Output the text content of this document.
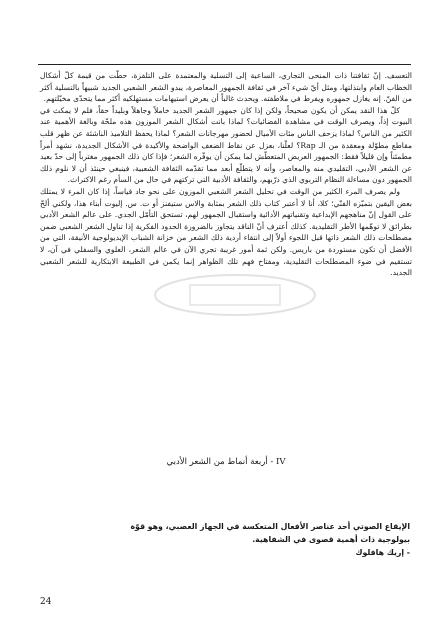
التعسف. إنّ ثقافتنا ذات المنحى التجاري، الساعية إلى التسلية والمعتمدة على التلفزة، حطّت من قيمة كلّ أشكال الخطاب العام وابتذلتها، ومثل أيّ شيء آخر في ثقافة الجمهور المعاصرة، يبدو الشعر الشعبي الجديد شبيهاً بالتسلية أكثر من الفنّ. إنه يغازل جمهوره ويفرط في ملاطفته. ويحدث غالباً أن يعرض استيهامات مستهلكيه أكثر مما يتحدّى مخيّلتهم.

كلّ هذا النقد يمكن أن يكون صحيحاً، ولكن إذا كان جمهور الشعر الجديد خاملاً وجاهلاً وبليداً حقاً، فلم لا يمكث في البيوت إذاً، ويصرف الوقت في مشاهدة الفضائيات؟ لماذا بانت أشكال الشعر الموزون هذه ملحّة وبالغة الأهمية عند الكثير من الناس؟ لماذا يزحف الناس مئات الأميال لحضور مهرجانات الشعر؟ لماذا يحفظ التلاميذ الناشئة عن ظهر قلب مقاطع مطوّلة ومعقدة من الـ Rap؟ لعلّنا، بعزل عن نقاط الضعف الواضحة والأكيدة في الأشكال الجديدة، نشهد أمراً مطمئناً وإن قليلاً فقط: الجمهور العريض المتعطّش لما يمكن أن يوفّره الشعر؛ فإذا كان ذلك الجمهور مغترباً إلى حدّ بعيد عن الشعر الأدبي، التقليدي منه والمعاصر، وأنه لا يتطلّع أبعد مما تقدّمه الثقافة الشعبية، فينبغي حينئذ أن لا نلوم ذلك الجمهور دون مساءلة النظام التربوي الذي درّبهم، والثقافة الأدبية التي تركتهم في حال من السأم رغم الاكتراث.

ولم يصرف المرء الكثير من الوقت في تحليل الشعر الشعبي الموزون على نحو جاد قياساً، إذا كان المرء لا يمتلك بعض اليقين بتميّزه الفنّي؛ كلا، أنا لا أعتبر كتاب ذلك الشعر بمثابة والاس ستيفنز أو ت. س. إليوت أبناء هذا، ولكني ألحّ على القول إنّ مناهجهم الإبداعية وتقنياتهم الأدائية واستقبال الجمهور لهم، تستحق التأمّل الجدي. على عالم الشعر الأدبي بطرائق لا توهّمها الأطر التقليدية. كذلك أعترف أنّ الناقد يتجاوز بالضرورة الحدود الفكرية إذا تناول الشعر الشعبي ضمن مصطلحات ذلك الشعر ذاتها قبل اللجوء أولاً إلى انتقاء أردية ذلك الشعر من خزانة الشباب الإيديولوجية الأنيقة، التي من الأفضل أن تكون مستوردة من باريس. ولكن ثمة أمور غريبة تجري الآن في عالم الشعر، العلوي والسفلي في آن، لا تستقيم في ضوء المصطلحات التقليدية، ومفتاح فهم تلك الظواهر إنما يكمن في الطبيعة الابتكارية للشعر الشعبي الجديد.

IV - أربعة أنماط من الشعر الأدبي
الإيقاع الصوتي أحد عناصر الأفعال المتعكسة في الجهاز العصبي، وهو قوّة
بيولوجية ذات أهمية قصوى في الشفاهية.
- إريك هافلوك
24
